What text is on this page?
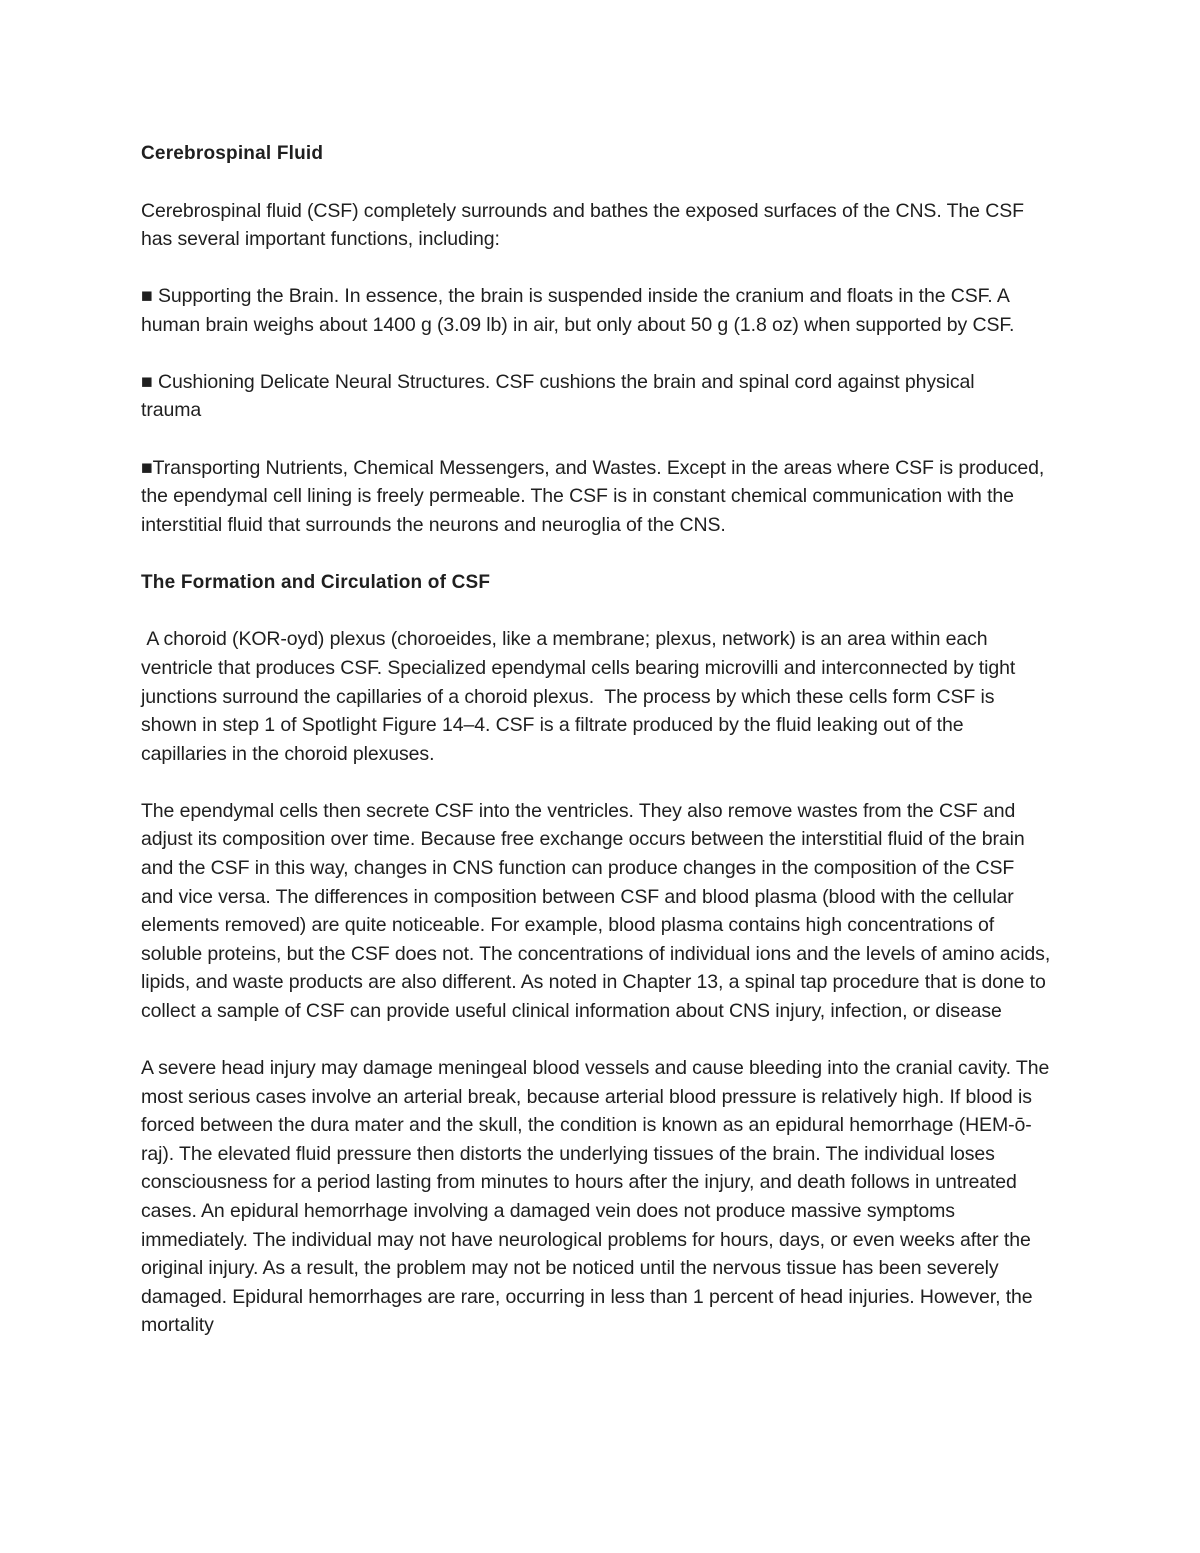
Cerebrospinal Fluid

Cerebrospinal fluid (CSF) completely surrounds and bathes the exposed surfaces of the CNS. The CSF has several important functions, including:

■ Supporting the Brain. In essence, the brain is suspended inside the cranium and floats in the CSF. A human brain weighs about 1400 g (3.09 lb) in air, but only about 50 g (1.8 oz) when supported by CSF.

■ Cushioning Delicate Neural Structures. CSF cushions the brain and spinal cord against physical trauma

■Transporting Nutrients, Chemical Messengers, and Wastes. Except in the areas where CSF is produced, the ependymal cell lining is freely permeable. The CSF is in constant chemical communication with the interstitial fluid that surrounds the neurons and neuroglia of the CNS.

The Formation and Circulation of CSF

A choroid (KOR-oyd) plexus (choroeides, like a membrane; plexus, network) is an area within each ventricle that produces CSF. Specialized ependymal cells bearing microvilli and interconnected by tight junctions surround the capillaries of a choroid plexus.  The process by which these cells form CSF is shown in step 1 of Spotlight Figure 14–4. CSF is a filtrate produced by the fluid leaking out of the capillaries in the choroid plexuses.

The ependymal cells then secrete CSF into the ventricles. They also remove wastes from the CSF and adjust its composition over time. Because free exchange occurs between the interstitial fluid of the brain and the CSF in this way, changes in CNS function can produce changes in the composition of the CSF and vice versa. The differences in composition between CSF and blood plasma (blood with the cellular elements removed) are quite noticeable. For example, blood plasma contains high concentrations of soluble proteins, but the CSF does not. The concentrations of individual ions and the levels of amino acids, lipids, and waste products are also different. As noted in Chapter 13, a spinal tap procedure that is done to collect a sample of CSF can provide useful clinical information about CNS injury, infection, or disease

A severe head injury may damage meningeal blood vessels and cause bleeding into the cranial cavity. The most serious cases involve an arterial break, because arterial blood pressure is relatively high. If blood is forced between the dura mater and the skull, the condition is known as an epidural hemorrhage (HEM-ō-raj). The elevated fluid pressure then distorts the underlying tissues of the brain. The individual loses consciousness for a period lasting from minutes to hours after the injury, and death follows in untreated cases. An epidural hemorrhage involving a damaged vein does not produce massive symptoms immediately. The individual may not have neurological problems for hours, days, or even weeks after the original injury. As a result, the problem may not be noticed until the nervous tissue has been severely damaged. Epidural hemorrhages are rare, occurring in less than 1 percent of head injuries. However, the mortality
